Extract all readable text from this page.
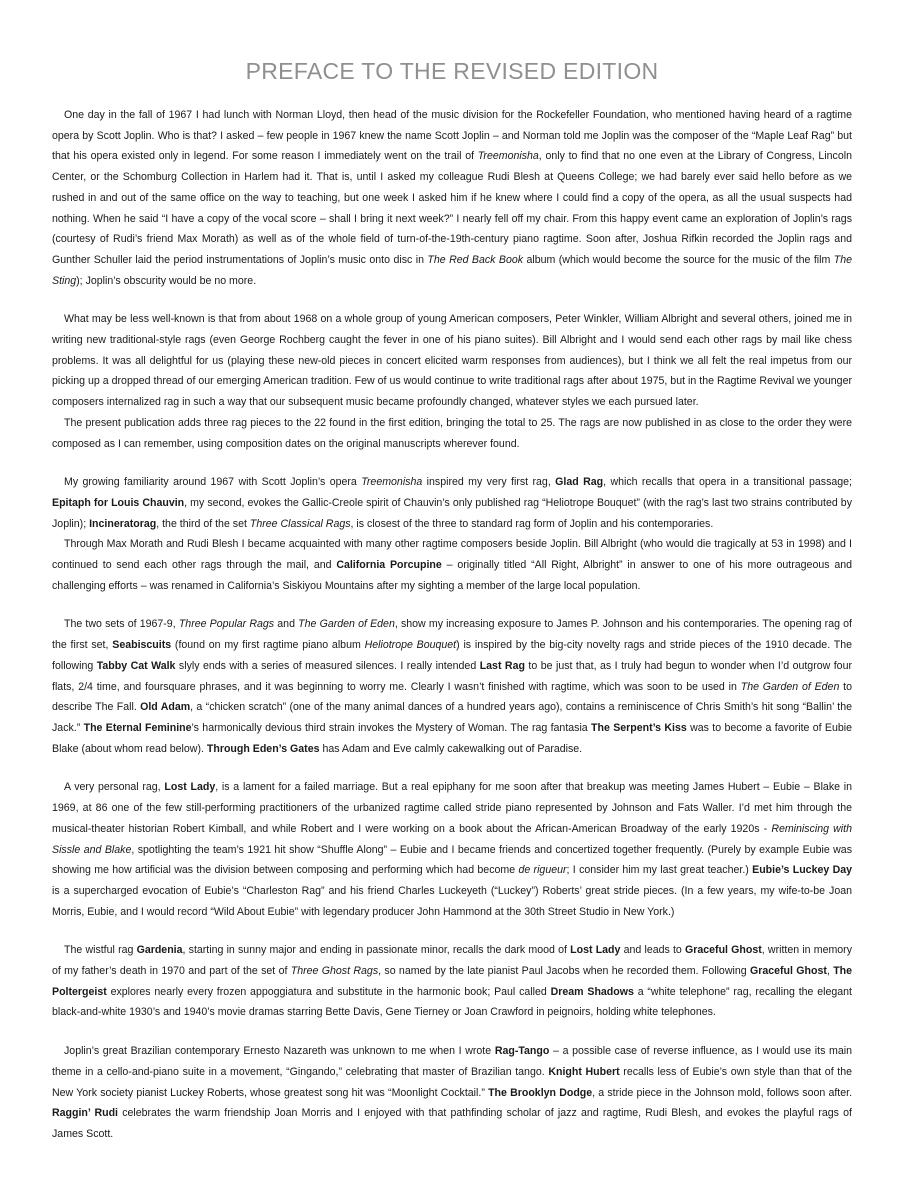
PREFACE TO THE REVISED EDITION

One day in the fall of 1967 I had lunch with Norman Lloyd, then head of the music division for the Rockefeller Foundation, who mentioned having heard of a ragtime opera by Scott Joplin. Who is that? I asked – few people in 1967 knew the name Scott Joplin – and Norman told me Joplin was the composer of the “Maple Leaf Rag” but that his opera existed only in legend. For some reason I immediately went on the trail of Treemonisha, only to find that no one even at the Library of Congress, Lincoln Center, or the Schomburg Collection in Harlem had it. That is, until I asked my colleague Rudi Blesh at Queens College; we had barely ever said hello before as we rushed in and out of the same office on the way to teaching, but one week I asked him if he knew where I could find a copy of the opera, as all the usual suspects had nothing. When he said “I have a copy of the vocal score – shall I bring it next week?” I nearly fell off my chair. From this happy event came an exploration of Joplin’s rags (courtesy of Rudi’s friend Max Morath) as well as of the whole field of turn-of-the-19th-century piano ragtime. Soon after, Joshua Rifkin recorded the Joplin rags and Gunther Schuller laid the period instrumentations of Joplin’s music onto disc in The Red Back Book album (which would become the source for the music of the film The Sting); Joplin’s obscurity would be no more.

What may be less well-known is that from about 1968 on a whole group of young American composers, Peter Winkler, William Albright and several others, joined me in writing new traditional-style rags (even George Rochberg caught the fever in one of his piano suites). Bill Albright and I would send each other rags by mail like chess problems. It was all delightful for us (playing these new-old pieces in concert elicited warm responses from audiences), but I think we all felt the real impetus from our picking up a dropped thread of our emerging American tradition. Few of us would continue to write traditional rags after about 1975, but in the Ragtime Revival we younger composers internalized rag in such a way that our subsequent music became profoundly changed, whatever styles we each pursued later.

The present publication adds three rag pieces to the 22 found in the first edition, bringing the total to 25. The rags are now published in as close to the order they were composed as I can remember, using composition dates on the original manuscripts wherever found.

My growing familiarity around 1967 with Scott Joplin’s opera Treemonisha inspired my very first rag, Glad Rag, which recalls that opera in a transitional passage; Epitaph for Louis Chauvin, my second, evokes the Gallic-Creole spirit of Chauvin’s only published rag “Heliotrope Bouquet” (with the rag’s last two strains contributed by Joplin); Incineratorag, the third of the set Three Classical Rags, is closest of the three to standard rag form of Joplin and his contemporaries.

Through Max Morath and Rudi Blesh I became acquainted with many other ragtime composers beside Joplin. Bill Albright (who would die tragically at 53 in 1998) and I continued to send each other rags through the mail, and California Porcupine – originally titled “All Right, Albright” in answer to one of his more outrageous and challenging efforts – was renamed in California’s Siskiyou Mountains after my sighting a member of the large local population.

The two sets of 1967-9, Three Popular Rags and The Garden of Eden, show my increasing exposure to James P. Johnson and his contemporaries. The opening rag of the first set, Seabiscuits (found on my first ragtime piano album Heliotrope Bouquet) is inspired by the big-city novelty rags and stride pieces of the 1910 decade. The following Tabby Cat Walk slyly ends with a series of measured silences. I really intended Last Rag to be just that, as I truly had begun to wonder when I’d outgrow four flats, 2/4 time, and foursquare phrases, and it was beginning to worry me. Clearly I wasn’t finished with ragtime, which was soon to be used in The Garden of Eden to describe The Fall. Old Adam, a “chicken scratch” (one of the many animal dances of a hundred years ago), contains a reminiscence of Chris Smith’s hit song “Ballin’ the Jack.” The Eternal Feminine’s harmonically devious third strain invokes the Mystery of Woman. The rag fantasia The Serpent’s Kiss was to become a favorite of Eubie Blake (about whom read below). Through Eden’s Gates has Adam and Eve calmly cakewalking out of Paradise.

A very personal rag, Lost Lady, is a lament for a failed marriage. But a real epiphany for me soon after that breakup was meeting James Hubert – Eubie – Blake in 1969, at 86 one of the few still-performing practitioners of the urbanized ragtime called stride piano represented by Johnson and Fats Waller. I’d met him through the musical-theater historian Robert Kimball, and while Robert and I were working on a book about the African-American Broadway of the early 1920s - Reminiscing with Sissle and Blake, spotlighting the team’s 1921 hit show “Shuffle Along” – Eubie and I became friends and concertized together frequently. (Purely by example Eubie was showing me how artificial was the division between composing and performing which had become de rigueur; I consider him my last great teacher.) Eubie’s Luckey Day is a supercharged evocation of Eubie’s “Charleston Rag” and his friend Charles Luckeyeth (“Luckey”) Roberts’ great stride pieces. (In a few years, my wife-to-be Joan Morris, Eubie, and I would record “Wild About Eubie” with legendary producer John Hammond at the 30th Street Studio in New York.)

The wistful rag Gardenia, starting in sunny major and ending in passionate minor, recalls the dark mood of Lost Lady and leads to Graceful Ghost, written in memory of my father’s death in 1970 and part of the set of Three Ghost Rags, so named by the late pianist Paul Jacobs when he recorded them. Following Graceful Ghost, The Poltergeist explores nearly every frozen appoggiatura and substitute in the harmonic book; Paul called Dream Shadows a “white telephone” rag, recalling the elegant black-and-white 1930’s and 1940’s movie dramas starring Bette Davis, Gene Tierney or Joan Crawford in peignoirs, holding white telephones.

Joplin’s great Brazilian contemporary Ernesto Nazareth was unknown to me when I wrote Rag-Tango – a possible case of reverse influence, as I would use its main theme in a cello-and-piano suite in a movement, “Gingando,” celebrating that master of Brazilian tango. Knight Hubert recalls less of Eubie’s own style than that of the New York society pianist Luckey Roberts, whose greatest song hit was “Moonlight Cocktail.” The Brooklyn Dodge, a stride piece in the Johnson mold, follows soon after. Raggin’ Rudi celebrates the warm friendship Joan Morris and I enjoyed with that pathfinding scholar of jazz and ragtime, Rudi Blesh, and evokes the playful rags of James Scott.
